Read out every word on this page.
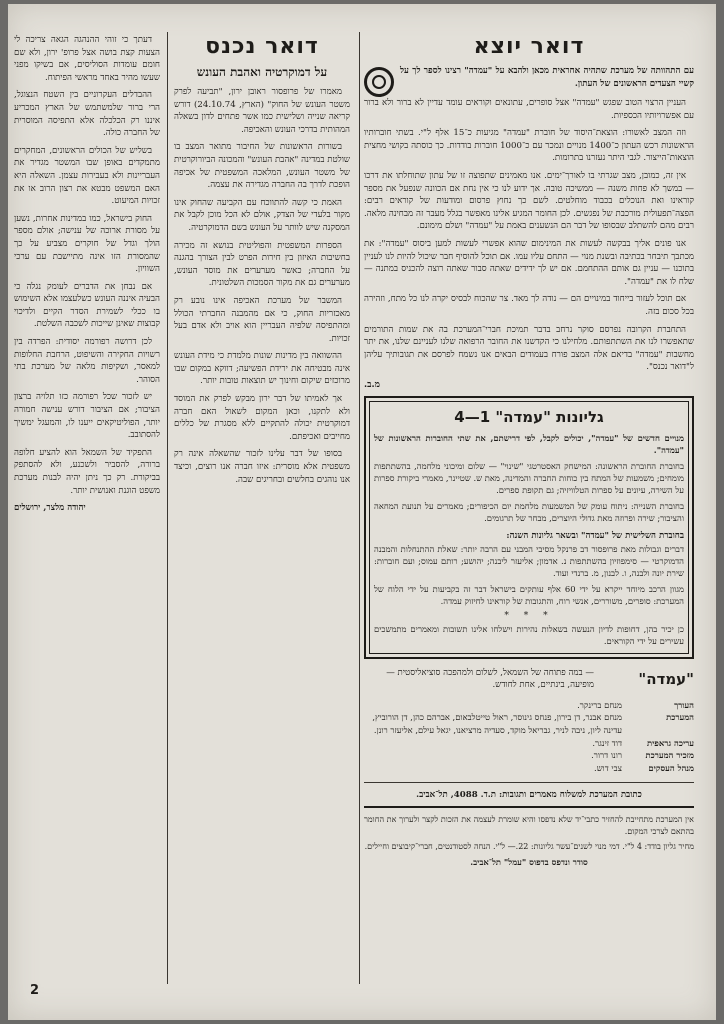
דואר יוצא

עם התהוותה של מערכת שתהיה אחראית מכאן ולהבא על "עמדה" רצינו לספר לך על קשיי הצעדים הראשונים של העתון.

העניין הרצוי הטוב שפגש "עמדה" אצל סופרים, עתונאים וקוראים עומד עדיין לא ברור ולא ברור עם אפשרויותיו הכספיות.

וזה המצב לאשורו: הוצאת־היסוד של חוברת "עמדה" מגיעות כ־15 אלף ל"י. בשתי חוברותיו הראשונות רכש העתון כ־1400 מנויים ונמכר עם כ־1000 חוברות בודדות. כך כוסתה בקושי מחצית הוצאות־הייצור. לגבי היתר נעזרנו בתרומות.

אין זה, כמובן, מצב שגרתי בו לאורך־ימים. אנו מאמינים שתפוצה זו של עתון שתוחלתו את דרכו — במשך לא פחות משנה — ממשיכה טובה. אך ידוע לנו כי אין נחת אם הכוונה שנפעל את מספר קוראינו ואת הנוכלים בכבוד מוחלטים. לשם כך נחוץ פרסום ומודעות של קוראים רבים: הפצה־תפעולית מורכבת של נפגשים. לכן החומר המגיע אלינו מאפשר בגלל מעבר זה מבחינה מלאה. רבים מהם להשתלב שבסופו של דבר הם הנשענים באמת על "עמדה" ושלם מימונם.

אנו פונים אליך בבקשה לעשות את המינימום שהוא אפשרי לעשות למען ביסוס "עמדה": את מכתבך תיבחר בכתיבה ובשנת מנוי — התחם עליו עמו. אם תוכל להוסיף חבר שיכול להיות לנו לעניין בתוכנו — עניין גם אותם ההתחמם. אם יש לך ידידים שאתה סבור שאתה רוצה להכניס במתנה — שלח לו את "עמדה".

אם תוכל לעזור בייחוד במינויים הם — נודה לך מאד. צר שהכוח לבסיס יקרה לנו כל מתח, וזהירה בכל סכום בזה.

התחברת הקרובה נפרסם סוקר נרחב בדבר תמיכת חברי־המערכת בה את שמות התורמים שתאפשרו לנו את השתתפותם. מלחילנו כי הקדשנו את החובר הרפואה שלנו לעניינם שלנו, את יתר מחשבות "עמדה" בדיאם אלה המצב פורח בעמודים הבאים אנו נשמח לפרסם את תגובותיך עליהן ל"דואר נכנס".

מ.ב.
גליונות "עמדה" 1—4

מנויים חדשים של "עמדה", יכולים לקבל, לפי דרישתם, את שתי החוברות הראשונות של "עמדה".

בחוברת החוברת הראשונה: המישחק האסטרטגי "שינוי" — שלום ומיכוני מלחמה, בהשתתפות מומחים; משמעות של המתח בין כוחות החברה והמדינה, מאת ש. שטיינר, מאמרי ביקורת ספרות על השירה, עיונים על ספרות הטלוויזיה; גם תקופת ספרים.

בחוברת השנייה: ניתוח עומק של המשמעות מלחמת יום הכיפורים; מאמרים על תנועת המחאה והציבור; שירה ופרוזה מאת גדולי היוצרים, מבחר של תרגומים.

בחוברת השלישית של "עמדה" ובשאר גליונות השנה:

דברים וגבולות מאת פרופסור דב פרנקל מסיבי המבני עם הרבה יותר: שאלת ההתנחלות והמבנה הדמוקרטי — סימפוזיון בהשתתפות נ. אדמון; אליעזר ליבנה; יהושע; רותם עמוס; ועם חוברות: שירת יונה ולבנה, ו. לבנון, מ. ברנדי ועוד.

מגוון הרכב מיוחד ייקרא על ידי 60 אלף עותקים בישראל דבר זה בקביעות על ידי הלוח של המערכת: סופרים, משוררים, אנשי רוח, והתגובות של קוראינו לחיזוק עמדה.

* * *

כן יכיר בהן, דחופות לדיון הנעשה בשאלות נהירות וישלחו אלינו תשובות ומאמרים מתמשכים עשירים על ידי הקוראים.

"עמדה"
— במה פתוחה של השמאל, לשלום ולמהפכה סוציאליסטית — מופיעה, בינתיים, אחת לחודש.
העורך
מנחם ברינקר.
המערכת
מנחם אבנר, דן בירון, פנחס גינוסר, ראול טייטלבאום, אברהם כהן, דן הורוביץ, עדינה ליון, ניבה לניר, גבריאל מוקד, סעדיה מרציאנו, יגאל עילם, אליעזר רונן.
עריכה גראפית
דוד זינגר.
מזכיר המערכת
רונו דרור.
מנהל העסקים
צבי דוש.
כתובת המערכת למשלוח מאמרים ותגובות: ת.ד. 4088, תל־אביב.

אין המערכת מתחייבת להחזיר כתבי־יד שלא נדפסו והיא שומרת לעצמה את הזכות לקצר ולערוך את החומר בהתאם לצרכי המקום.

מחיר גליון בודד: 4 ל"י. דמי מנוי לשנים־עשר גליונות: 22.— ל"י. הנחה לסטודנטים, חברי־קיבוצים וחיילים.

סודר ונדפס בדפוס "עמל" תל־אביב.
דואר נכנס
על דמוקרטיה ואהבת העונש

מאמרו של פרופסור ראובן ירון, "תביעה לפרק משטר העונש של החוק" (הארץ, 24.10.74) דורש קריאה שנייה ושלישית כמו אשר פתחים לדון בשאלה המהותית בדרכי העונש והאכיפה.

בשורות הראשונות של החיבור מתואר המצב בו שולטת במדינה "אהבת העונש" והמכונה הביורוקרטית של משטר העונש, המלאכה המשפטית של אכיפה הופכת לדרך בה החברה מגדירה את עצמה.

האמת כי קשה להתווכח עם הקביעה שהחוק אינו מקור בלעדי של הצדק, אולם לא הכל מוכן לקבל את המסקנה שיש לוותר על העונש בשם הדמוקרטיה.

הספרות המשפטית והפוליטית בנושא זה מכירה בחשיבות האיזון בין חירות הפרט לבין הצורך בהגנה על החברה; כאשר מערערים את מוסד העונש, מערערים גם את מקור הסמכות השלטונית.

המשבר של מערכת האכיפה אינו נובע רק מאכזריות החוק, כי אם מהמבנה החברתי הכולל ומהתפיסה שלפיה העבריין הוא אויב ולא אדם בעל זכויות.

ההשוואה בין מדינות שונות מלמדת כי מידת העונש אינה מבטיחה את ירידת הפשיעה; דווקא במקום שבו מרוכזים שיקום וחינוך יש תוצאות טובות יותר.

אך לאמיתו של דבר ירון מבקש לפרק את המוסד ולא לתקנו, וכאן המקום לשאול האם חברה דמוקרטית יכולה להתקיים ללא מסגרת של כללים מחייבים ואכיפתם.

בסופו של דבר עלינו לזכור שהשאלה אינה רק משפטית אלא מוסרית: איזו חברה אנו רוצים, וכיצד אנו נוהגים בחלשים ובחריגים שבה.

דעתך כי זוהי ההנהגה הגאה צריכה לי הצעות קצת בושה אצל פרופ' ירון, ולא שם חומם עומדות הסוליסים, אם בשיקו מפני שעשו מהיר באחד מראשי הפיתוח.

ההבדלים העקרוניים בין השטח הנצוגל, הרי ברור שלמשתמש של הארץ המכריע איננו רק הכלכלה אלא התפיסה המוסרית של החברה כולה.

בשליש של הכולים הראשונים, המחקרים מתמקדים באופן שבו המשטר מגדיר את העבריינות ולא בעבירות עצמן. השאלה היא האם המשפט מבטא את רצון הרוב או את זכויות המיעוט.

החוק בישראל, כמו במדינות אחרות, נשען על מסורת ארוכה של ענישה; אולם מספר הולך וגדל של חוקרים מצביע על כך שהמסורת הזו אינה מתיישבת עם ערכי השוויון.

אם נבחן את הדברים לעומק נגלה כי הבעיה איננה העונש כשלעצמו אלא השימוש בו ככלי לשמירת הסדר הקיים ולדיכוי קבוצות שאינן שייכות לשכבה השלטת.

לכן דרושה רפורמה יסודית: הפרדה בין רשויות החקירה והשיפוט, הרחבת החלופות למאסר, ושקיפות מלאה של מערכת בתי הסוהר.

יש לזכור שכל רפורמה כזו תלויה ברצון הציבור; אם הציבור דורש ענישה חמורה יותר, הפוליטיקאים ייענו לו, והמעגל ימשיך להסתובב.

התפקיד של השמאל הוא להציע חלופה ברורה, להסביר ולשכנע, ולא להסתפק בביקורת. רק כך ניתן יהיה לבנות מערכת משפט הוגנת ואנושית יותר.

יהודה מלצר, ירושלים
2
